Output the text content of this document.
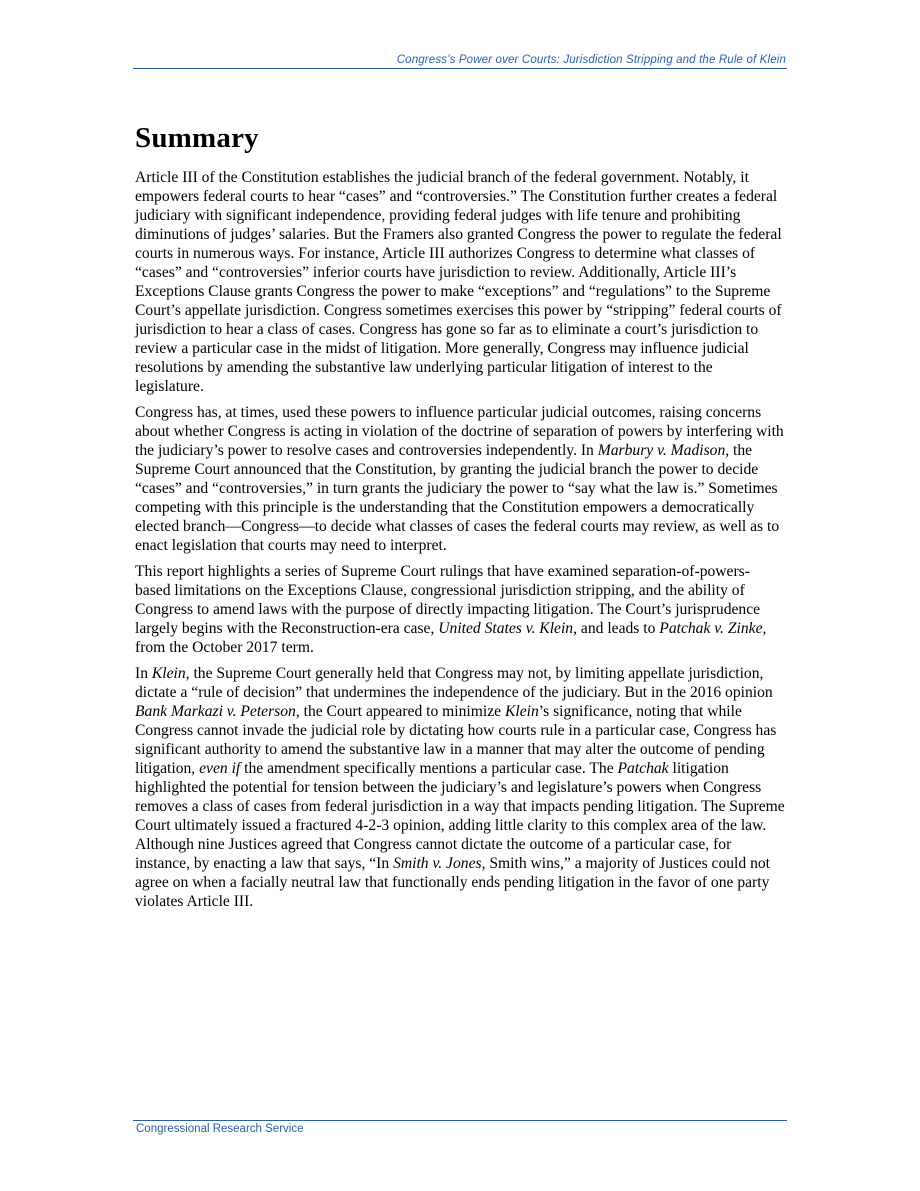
Congress’s Power over Courts: Jurisdiction Stripping and the Rule of Klein
Summary

Article III of the Constitution establishes the judicial branch of the federal government. Notably, it empowers federal courts to hear “cases” and “controversies.” The Constitution further creates a federal judiciary with significant independence, providing federal judges with life tenure and prohibiting diminutions of judges’ salaries. But the Framers also granted Congress the power to regulate the federal courts in numerous ways. For instance, Article III authorizes Congress to determine what classes of “cases” and “controversies” inferior courts have jurisdiction to review. Additionally, Article III’s Exceptions Clause grants Congress the power to make “exceptions” and “regulations” to the Supreme Court’s appellate jurisdiction. Congress sometimes exercises this power by “stripping” federal courts of jurisdiction to hear a class of cases. Congress has gone so far as to eliminate a court’s jurisdiction to review a particular case in the midst of litigation. More generally, Congress may influence judicial resolutions by amending the substantive law underlying particular litigation of interest to the legislature.

Congress has, at times, used these powers to influence particular judicial outcomes, raising concerns about whether Congress is acting in violation of the doctrine of separation of powers by interfering with the judiciary’s power to resolve cases and controversies independently. In Marbury v. Madison, the Supreme Court announced that the Constitution, by granting the judicial branch the power to decide “cases” and “controversies,” in turn grants the judiciary the power to “say what the law is.” Sometimes competing with this principle is the understanding that the Constitution empowers a democratically elected branch—Congress—to decide what classes of cases the federal courts may review, as well as to enact legislation that courts may need to interpret.

This report highlights a series of Supreme Court rulings that have examined separation-of-powers-based limitations on the Exceptions Clause, congressional jurisdiction stripping, and the ability of Congress to amend laws with the purpose of directly impacting litigation. The Court’s jurisprudence largely begins with the Reconstruction-era case, United States v. Klein, and leads to Patchak v. Zinke, from the October 2017 term.

In Klein, the Supreme Court generally held that Congress may not, by limiting appellate jurisdiction, dictate a “rule of decision” that undermines the independence of the judiciary. But in the 2016 opinion Bank Markazi v. Peterson, the Court appeared to minimize Klein’s significance, noting that while Congress cannot invade the judicial role by dictating how courts rule in a particular case, Congress has significant authority to amend the substantive law in a manner that may alter the outcome of pending litigation, even if the amendment specifically mentions a particular case. The Patchak litigation highlighted the potential for tension between the judiciary’s and legislature’s powers when Congress removes a class of cases from federal jurisdiction in a way that impacts pending litigation. The Supreme Court ultimately issued a fractured 4-2-3 opinion, adding little clarity to this complex area of the law. Although nine Justices agreed that Congress cannot dictate the outcome of a particular case, for instance, by enacting a law that says, “In Smith v. Jones, Smith wins,” a majority of Justices could not agree on when a facially neutral law that functionally ends pending litigation in the favor of one party violates Article III.

Congressional Research Service
